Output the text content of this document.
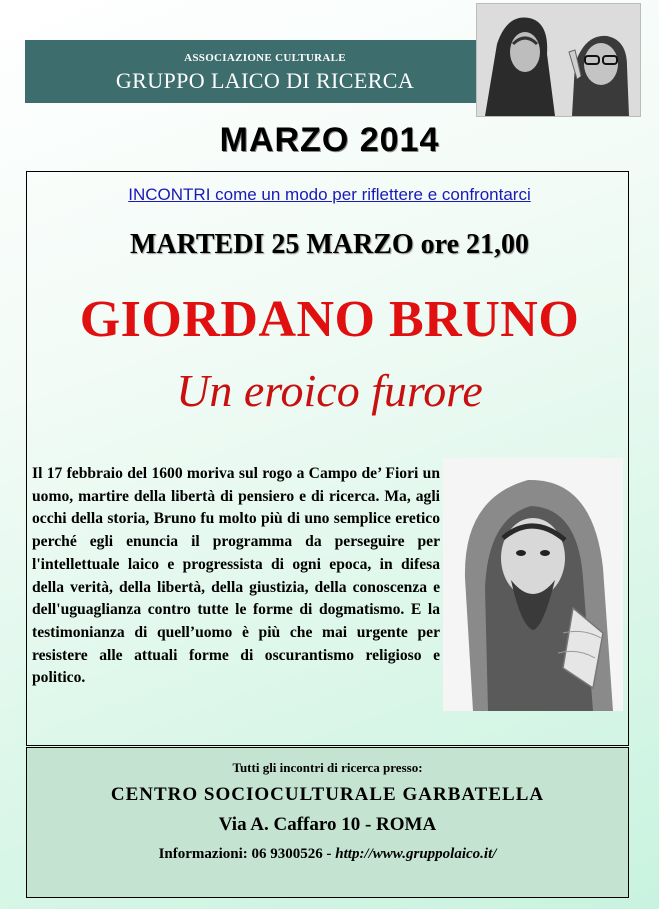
ASSOCIAZIONE CULTURALE
GRUPPO LAICO DI RICERCA
MARZO 2014
INCONTRI come un modo per riflettere e confrontarci
MARTEDI 25 MARZO ore 21,00
GIORDANO BRUNO
Un eroico furore
Il 17 febbraio del 1600 moriva sul rogo a Campo de’ Fiori un uomo, martire della libertà di pensiero e di ricerca. Ma, agli occhi della storia, Bruno fu molto più di uno semplice eretico perché egli enuncia il programma da perseguire per l'intellettuale laico e progressista di ogni epoca, in difesa della verità, della libertà, della giustizia, della conoscenza e dell'uguaglianza contro tutte le forme di dogmatismo. E la testimonianza di quell’uomo è più che mai urgente per resistere alle attuali forme di oscurantismo religioso e politico.
Tutti gli incontri di ricerca presso:
CENTRO SOCIOCULTURALE GARBATELLA
Via A. Caffaro 10 - ROMA
Informazioni: 06 9300526 - http://www.gruppolaico.it/
